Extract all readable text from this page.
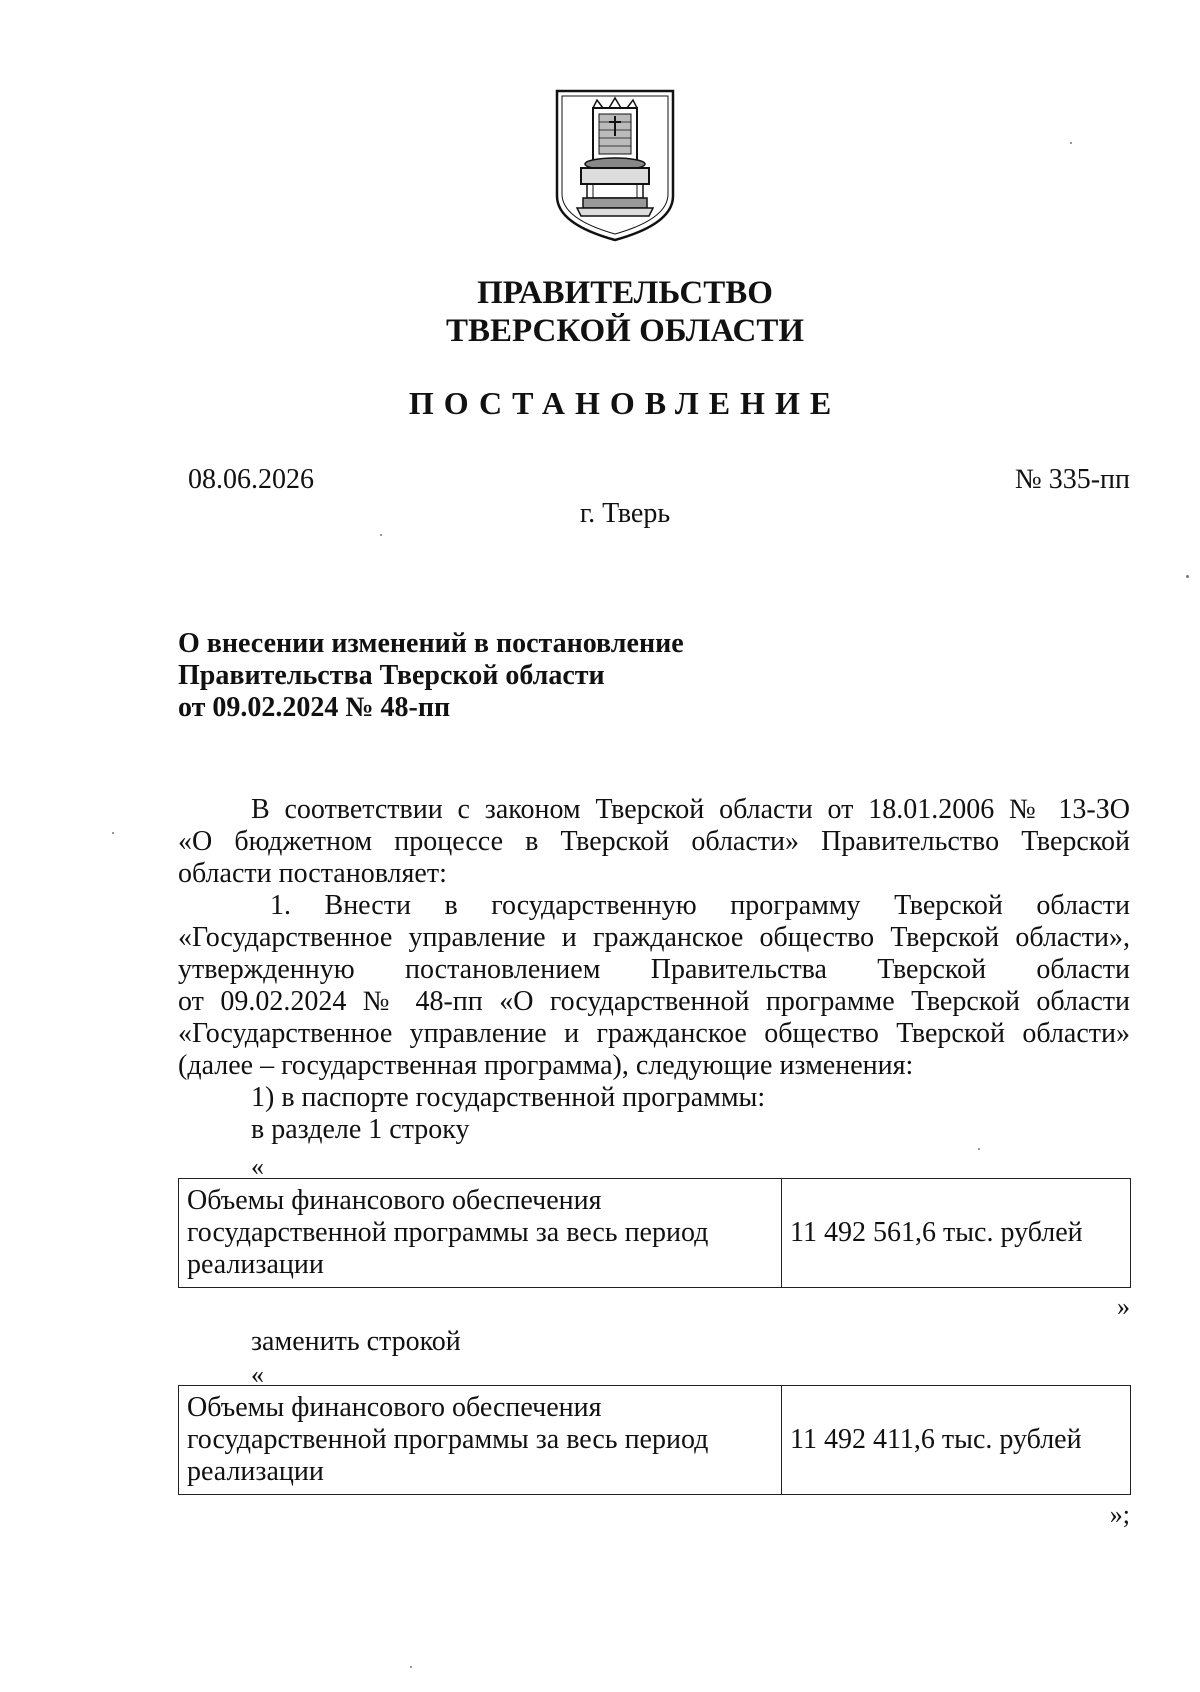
ПРАВИТЕЛЬСТВО
ТВЕРСКОЙ ОБЛАСТИ
ПОСТАНОВЛЕНИЕ
08.06.2026	№ 335-пп
г. Тверь
О внесении изменений в постановление
Правительства Тверской области
от 09.02.2024 № 48-пп
В соответствии с законом Тверской области от 18.01.2006 № 13-ЗО
«О бюджетном процессе в Тверской области» Правительство Тверской
области постановляет:
1. Внести в государственную программу Тверской области
«Государственное управление и гражданское общество Тверской области»,
утвержденную постановлением Правительства Тверской области
от 09.02.2024 № 48-пп «О государственной программе Тверской области
«Государственное управление и гражданское общество Тверской области»
(далее – государственная программа), следующие изменения:
1) в паспорте государственной программы:
в разделе 1 строку
«
Объемы финансового обеспечения
государственной программы за весь период
реализации
	11 492 561,6 тыс. рублей
»
заменить строкой
«
Объемы финансового обеспечения
государственной программы за весь период
реализации
	11 492 411,6 тыс. рублей
»;
